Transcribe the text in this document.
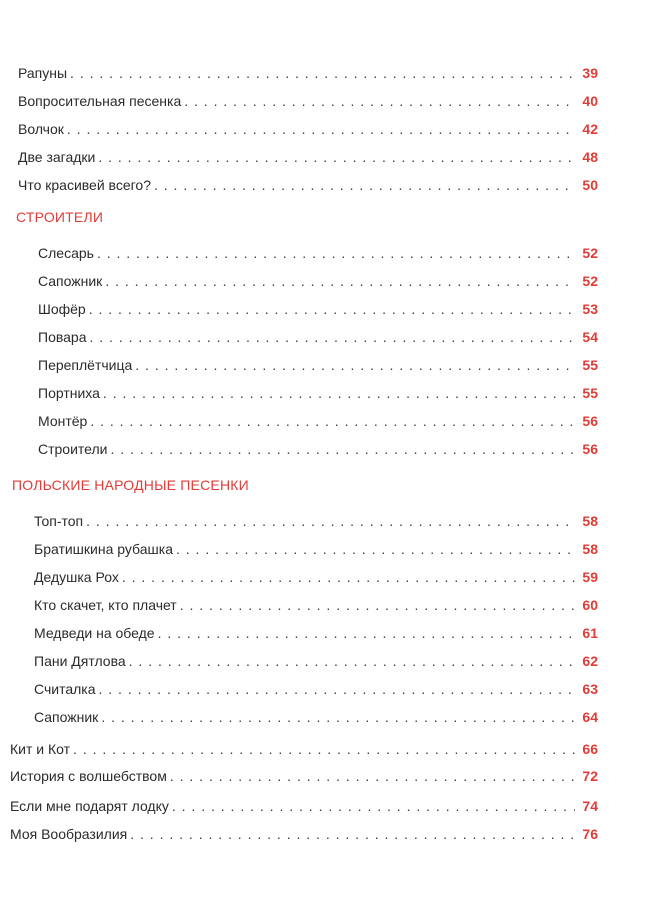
Рапуны . . .	39
Вопросительная песенка . . .	40
Волчок . . .	42
Две загадки . . .	48
Что красивей всего? . . .	50
СТРОИТЕЛИ
Слесарь . . .	52
Сапожник . . .	52
Шофёр . . .	53
Повара . . .	54
Переплётчица . . .	55
Портниха . . .	55
Монтёр . . .	56
Строители . . .	56
ПОЛЬСКИЕ НАРОДНЫЕ ПЕСЕНКИ
Топ-топ . . .	58
Братишкина рубашка . . .	58
Дедушка Рох . . .	59
Кто скачет, кто плачет . . .	60
Медведи на обеде . . .	61
Пани Дятлова . . .	62
Считалка . . .	63
Сапожник . . .	64
Кит и Кот . . .	66
История с волшебством . . .	72
Если мне подарят лодку . . .	74
Моя Вообразилия . . .	76
